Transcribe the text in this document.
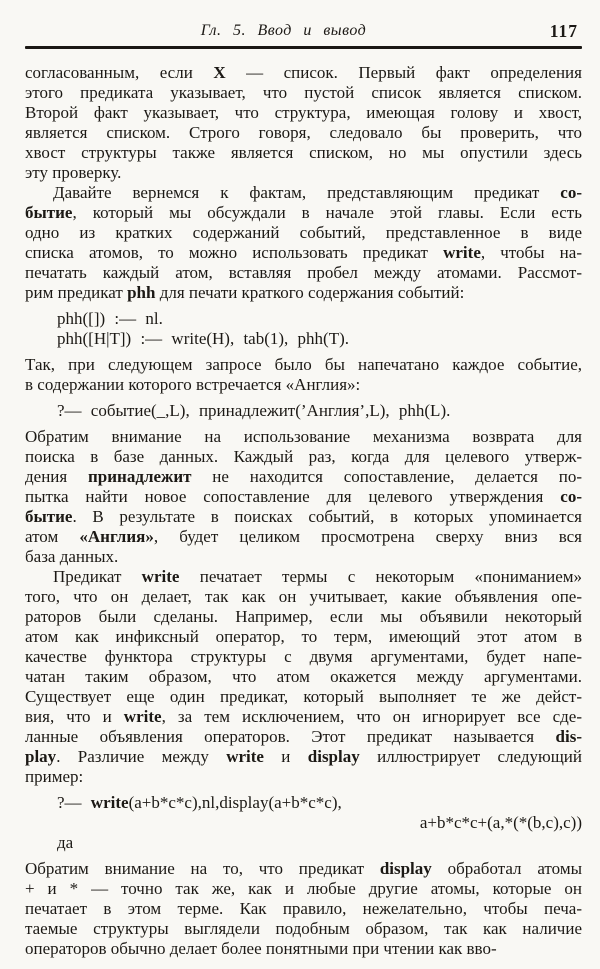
Гл. 5. Ввод и вывод	117
согласованным, если X — список. Первый факт определения
этого предиката указывает, что пустой список является списком.
Второй факт указывает, что структура, имеющая голову и хвост,
является списком. Строго говоря, следовало бы проверить, что
хвост структуры также является списком, но мы опустили здесь
эту проверку.
Давайте вернемся к фактам, представляющим предикат со-
бытие, который мы обсуждали в начале этой главы. Если есть
одно из кратких содержаний событий, представленное в виде
списка атомов, то можно использовать предикат write, чтобы на-
печатать каждый атом, вставляя пробел между атомами. Рассмот-
рим предикат phh для печати краткого содержания событий:
phh([]) :— nl.
phh([H|T]) :— write(H), tab(1), phh(T).
Так, при следующем запросе было бы напечатано каждое событие,
в содержании которого встречается «Англия»:
?— событие(_,L), принадлежит(’Англия’,L), phh(L).
Обратим внимание на использование механизма возврата для
поиска в базе данных. Каждый раз, когда для целевого утверж-
дения принадлежит не находится сопоставление, делается по-
пытка найти новое сопоставление для целевого утверждения со-
бытие. В результате в поисках событий, в которых упоминается
атом «Англия», будет целиком просмотрена сверху вниз вся
база данных.
Предикат write печатает термы с некоторым «пониманием»
того, что он делает, так как он учитывает, какие объявления опе-
раторов были сделаны. Например, если мы объявили некоторый
атом как инфиксный оператор, то терм, имеющий этот атом в
качестве функтора структуры с двумя аргументами, будет напе-
чатан таким образом, что атом окажется между аргументами.
Существует еще один предикат, который выполняет те же дейст-
вия, что и write, за тем исключением, что он игнорирует все сде-
ланные объявления операторов. Этот предикат называется dis-
play. Различие между write и display иллюстрирует следующий
пример:
?— write(a+b*c*c),nl,display(a+b*c*c),
a+b*c*c+(a,*(*(b,c),c))
да
Обратим внимание на то, что предикат display обработал атомы
+ и * — точно так же, как и любые другие атомы, которые он
печатает в этом терме. Как правило, нежелательно, чтобы печа-
таемые структуры выглядели подобным образом, так как наличие
операторов обычно делает более понятными при чтении как вво-
